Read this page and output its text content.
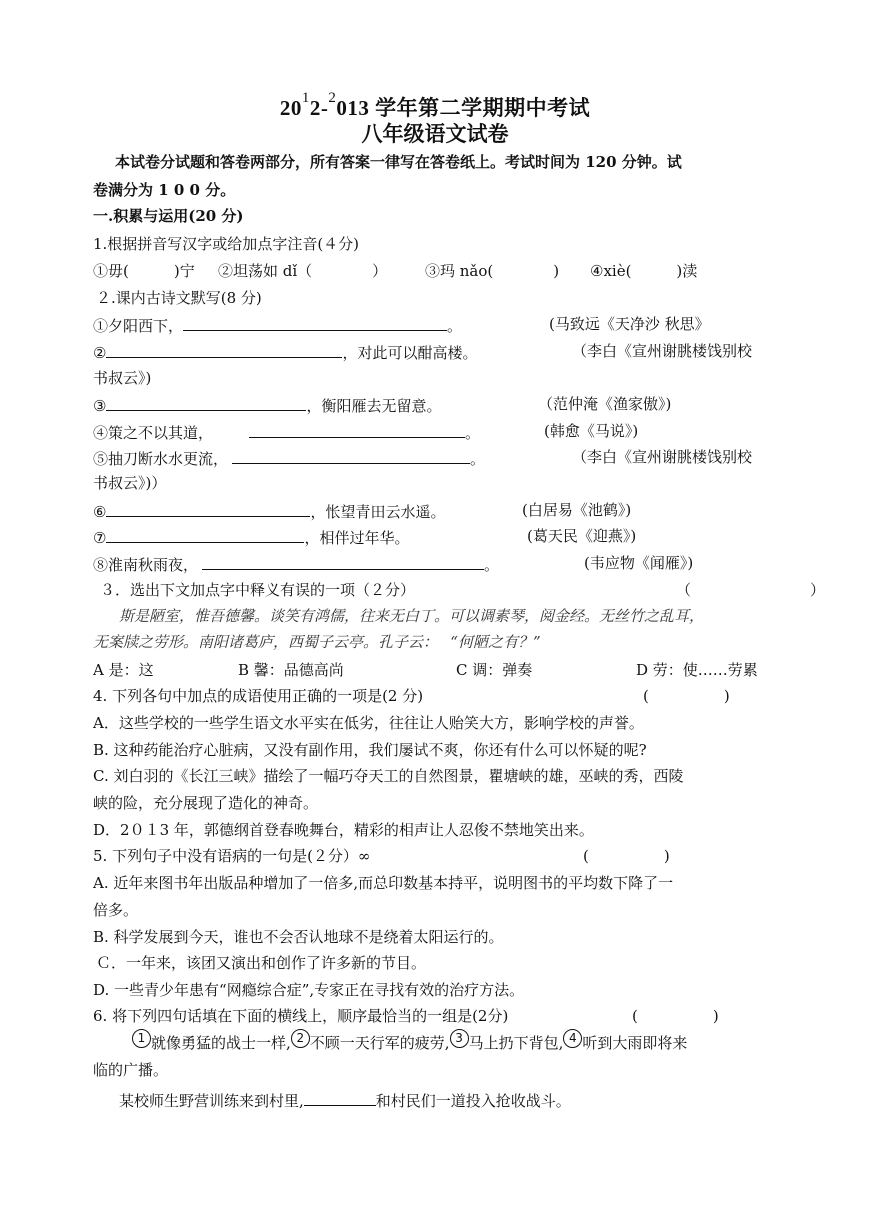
$20^12-^2013$ 学年第二学期期中考试
八年级语文试卷
本试卷分试题和答卷两部分，所有答案一律写在答卷纸上。考试时间为 120 分钟。试
卷满分为 1 0 0 分。
一.积累与运用(20 分)
1.根据拼音写汉字或给加点字注音(４分)
①毋(　　　)宁 ②坦荡如 dǐ（　　　　）	③玛 nǎo(　　　　) ④xiè(　　　)渎
２.课内古诗文默写(8 分)
①夕阳西下，	。	(马致远《天净沙 秋思》
②	，对此可以酣高楼。	（李白《宣州谢朓楼饯别校
书叔云》)
③	，衡阳雁去无留意。	（范仲淹《渔家傲》)
④策之不以其道，	。	(韩愈《马说》)
⑤抽刀断水水更流，	。	（李白《宣州谢朓楼饯别校
书叔云》)）
⑥	，怅望青田云水遥。	(白居易《池鹤》)
⑦	，相伴过年华。	(葛天民《迎燕》)
⑧淮南秋雨夜，	。	(韦应物《闻雁》)
３．选出下文加点字中释义有误的一项（２分）	（	）
斯是陋室，惟吾德馨。谈笑有鸿儒，往来无白丁。可以调素琴，阅金经。无丝竹之乱耳，
无案牍之劳形。南阳诸葛庐，西蜀子云亭。孔子云：　 “何陋之有？”
A 是：这	B 馨：品德高尚	C 调：弹奏	D 劳：使……劳累
4. 下列各句中加点的成语使用正确的一项是(2 分)	(　　　　　)
A．这些学校的一些学生语文水平实在低劣，往往让人贻笑大方，影响学校的声誉。
B. 这种药能治疗心脏病，又没有副作用，我们屡试不爽，你还有什么可以怀疑的呢?
C. 刘白羽的《长江三峡》描绘了一幅巧夺天工的自然图景，瞿塘峡的雄，巫峡的秀，西陵
峡的险，充分展现了造化的神奇。
D．2０１3 年，郭德纲首登春晚舞台，精彩的相声让人忍俊不禁地笑出来。
5. 下列句子中没有语病的一句是(２分）∞	(　　　　　)
A. 近年来图书年出版品种增加了一倍多,而总印数基本持平，说明图书的平均数下降了一
倍多。
B. 科学发展到今天，谁也不会否认地球不是绕着太阳运行的。
Ｃ．一年来，该团又演出和创作了许多新的节目。
D. 一些青少年患有“网瘾综合症”,专家正在寻找有效的治疗方法。
6. 将下列四句话填在下面的横线上，顺序最恰当的一组是(2分)	(　　　　　)
1 就像勇猛的战士一样, 2 不顾一天行军的疲劳, 3 马上扔下背包, 4 听到大雨即将来
临的广播。
某校师生野营训练来到村里,	和村民们一道投入抢收战斗。
